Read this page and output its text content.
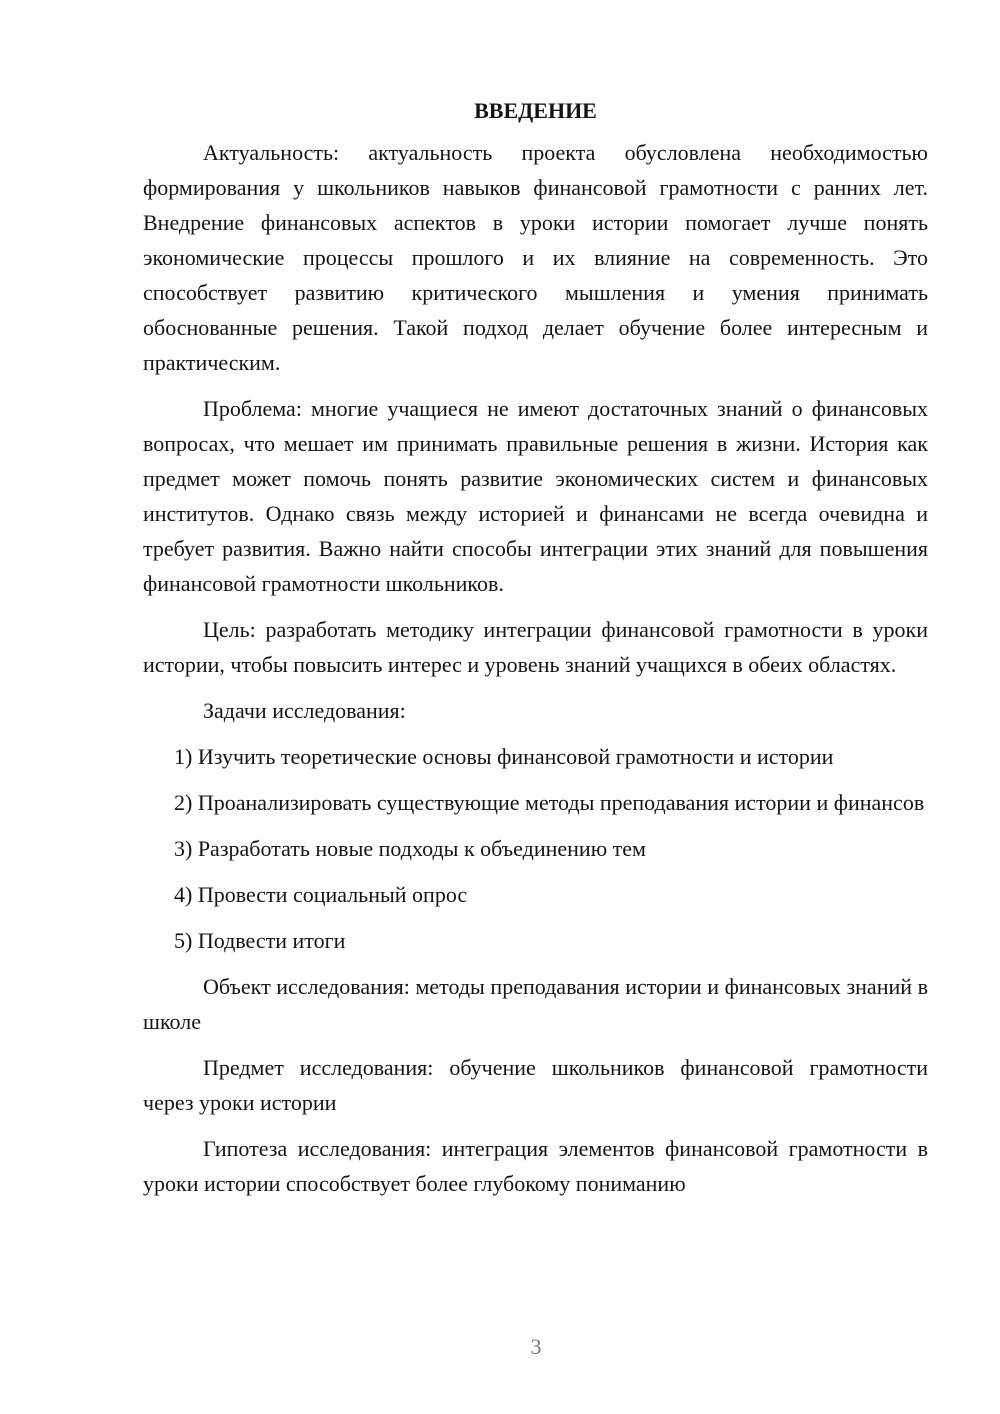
ВВЕДЕНИЕ

Актуальность: актуальность проекта обусловлена необходимостью формирования у школьников навыков финансовой грамотности с ранних лет. Внедрение финансовых аспектов в уроки истории помогает лучше понять экономические процессы прошлого и их влияние на современность. Это способствует развитию критического мышления и умения принимать обоснованные решения. Такой подход делает обучение более интересным и практическим.

Проблема: многие учащиеся не имеют достаточных знаний о финансовых вопросах, что мешает им принимать правильные решения в жизни. История как предмет может помочь понять развитие экономических систем и финансовых институтов. Однако связь между историей и финансами не всегда очевидна и требует развития. Важно найти способы интеграции этих знаний для повышения финансовой грамотности школьников.

Цель: разработать методику интеграции финансовой грамотности в уроки истории, чтобы повысить интерес и уровень знаний учащихся в обеих областях.

Задачи исследования:

1) Изучить теоретические основы финансовой грамотности и истории

2) Проанализировать существующие методы преподавания истории и финансов

3) Разработать новые подходы к объединению тем

4) Провести социальный опрос

5) Подвести итоги

Объект исследования: методы преподавания истории и финансовых знаний в школе

Предмет исследования: обучение школьников финансовой грамотности через уроки истории

Гипотеза исследования: интеграция элементов финансовой грамотности в уроки истории способствует более глубокому пониманию

3
